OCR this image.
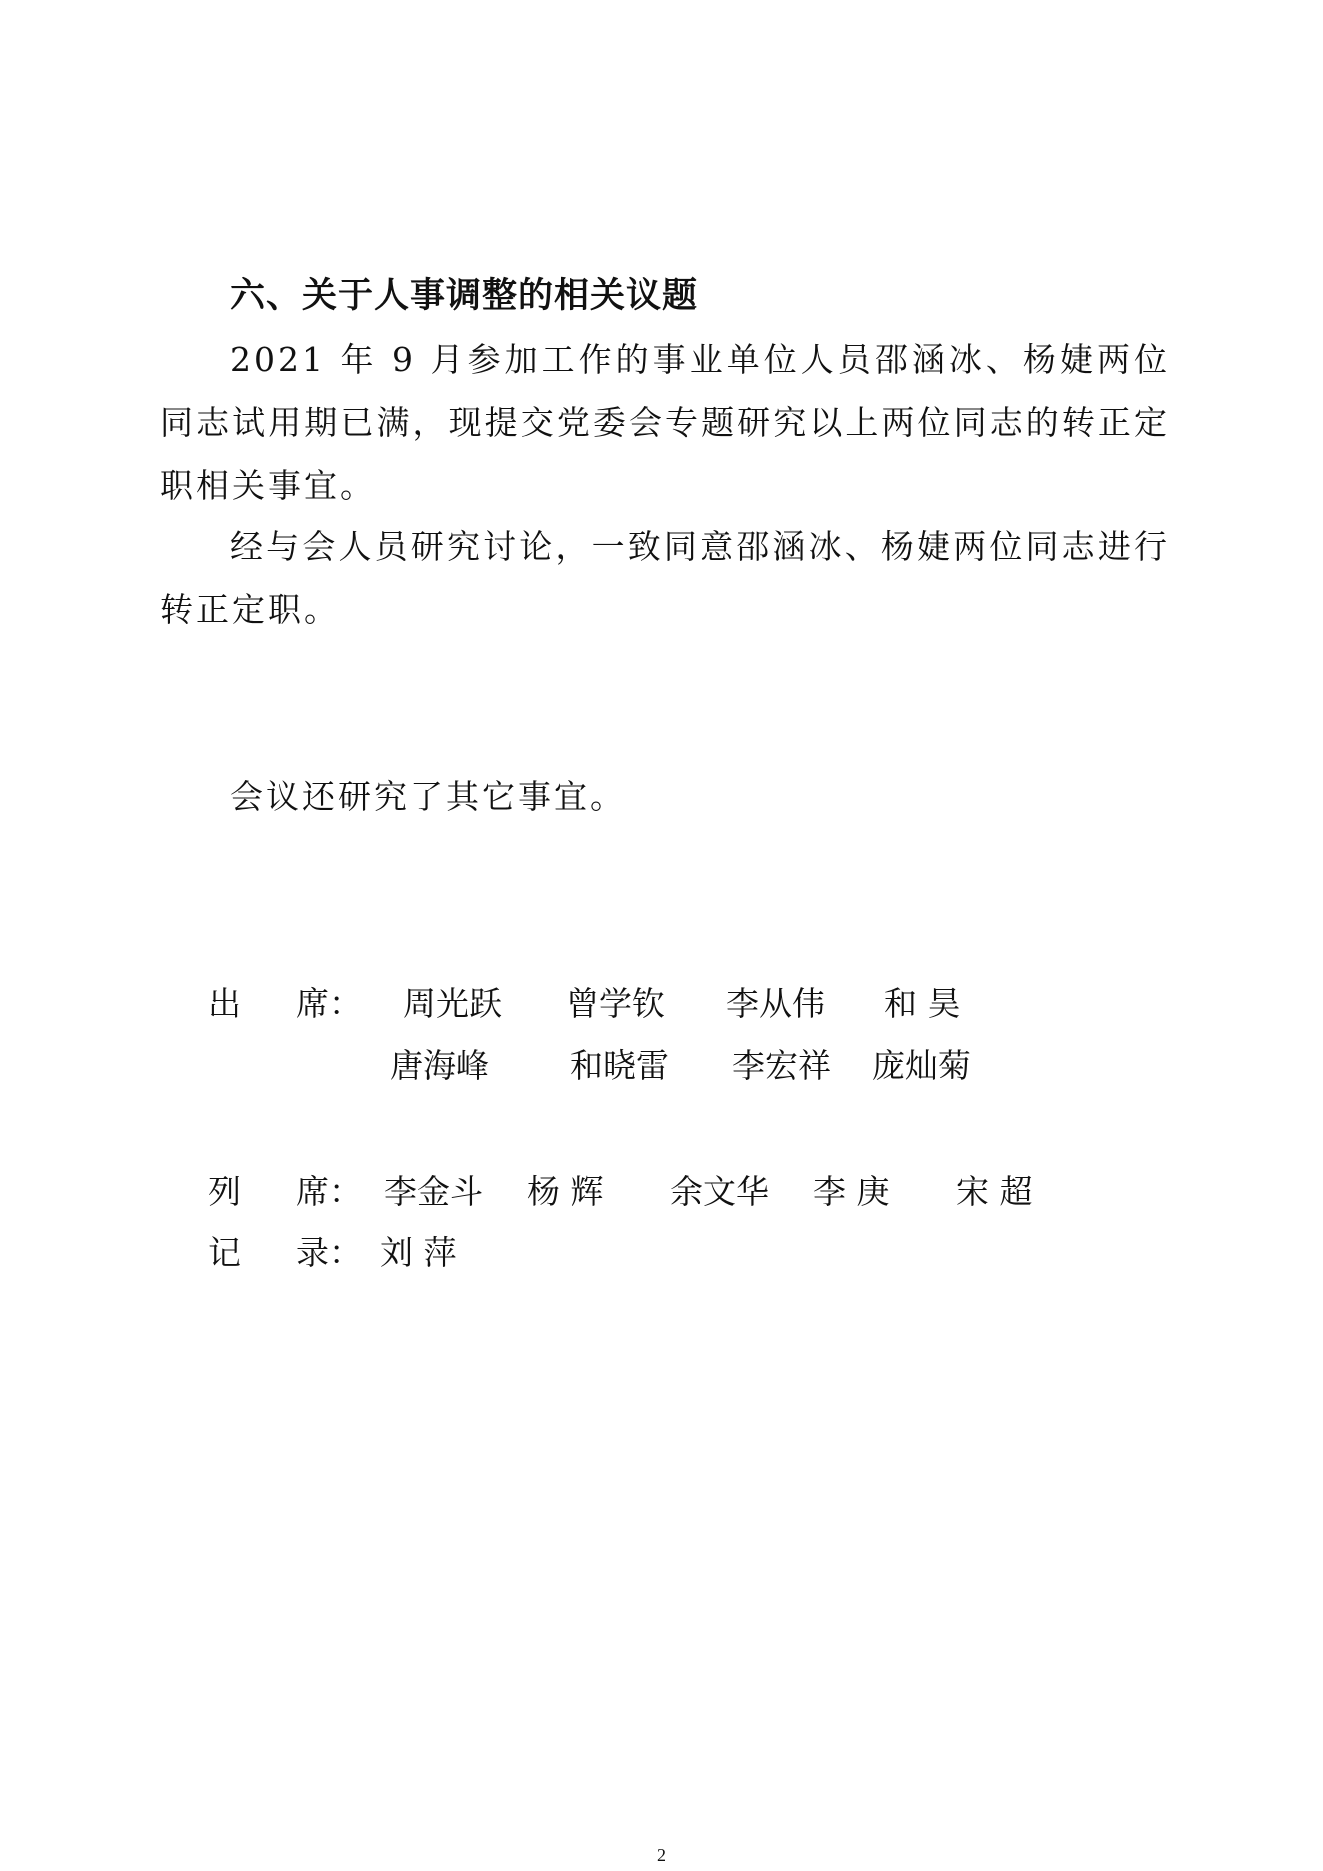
六、关于人事调整的相关议题
2021 年 9 月参加工作的事业单位人员邵涵冰、杨婕两位同志试用期已满，现提交党委会专题研究以上两位同志的转正定职相关事宜。
经与会人员研究讨论，一致同意邵涵冰、杨婕两位同志进行转正定职。
会议还研究了其它事宜。
出 席： 周光跃 曾学钦 李从伟 和 昊
唐海峰 和晓雷 李宏祥 庞灿菊
列 席： 李金斗 杨 辉 余文华 李 庚 宋 超
记 录： 刘 萍
2
